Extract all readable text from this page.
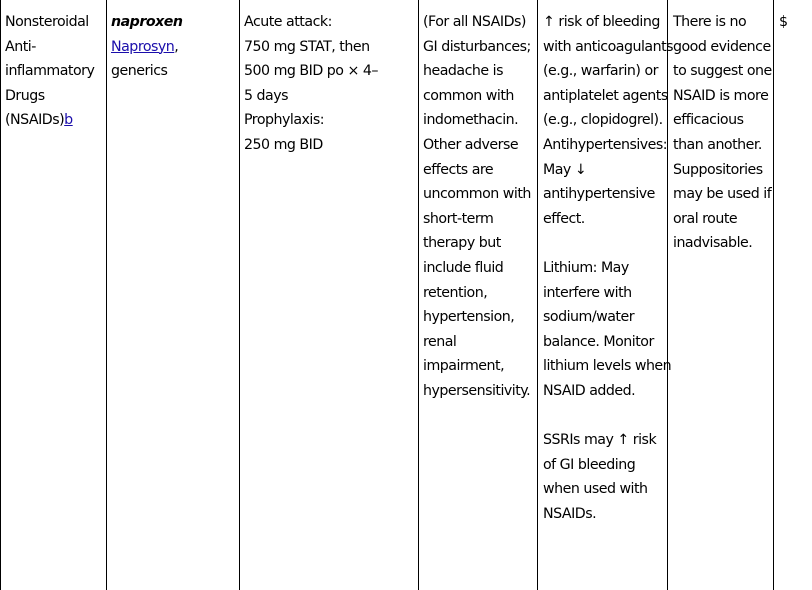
Nonsteroidal
Anti-
inflammatory
Drugs
(NSAIDs)b
naproxen
Naprosyn,
generics
Acute attack:
750 mg STAT, then
500 mg BID po × 4–
5 days
Prophylaxis:
250 mg BID
(For all NSAIDs)
GI disturbances;
headache is
common with
indomethacin.
Other adverse
effects are
uncommon with
short-term
therapy but
include fluid
retention,
hypertension,
renal
impairment,
hypersensitivity.
↑ risk of bleeding
with anticoagulants
(e.g., warfarin) or
antiplatelet agents
(e.g., clopidogrel).
Antihypertensives:
May ↓
antihypertensive
effect.
Lithium: May
interfere with
sodium/water
balance. Monitor
lithium levels when
NSAID added.
SSRIs may ↑ risk
of GI bleeding
when used with
NSAIDs.
There is no
good evidence
to suggest one
NSAID is more
efficacious
than another.
Suppositories
may be used if
oral route
inadvisable.
$
